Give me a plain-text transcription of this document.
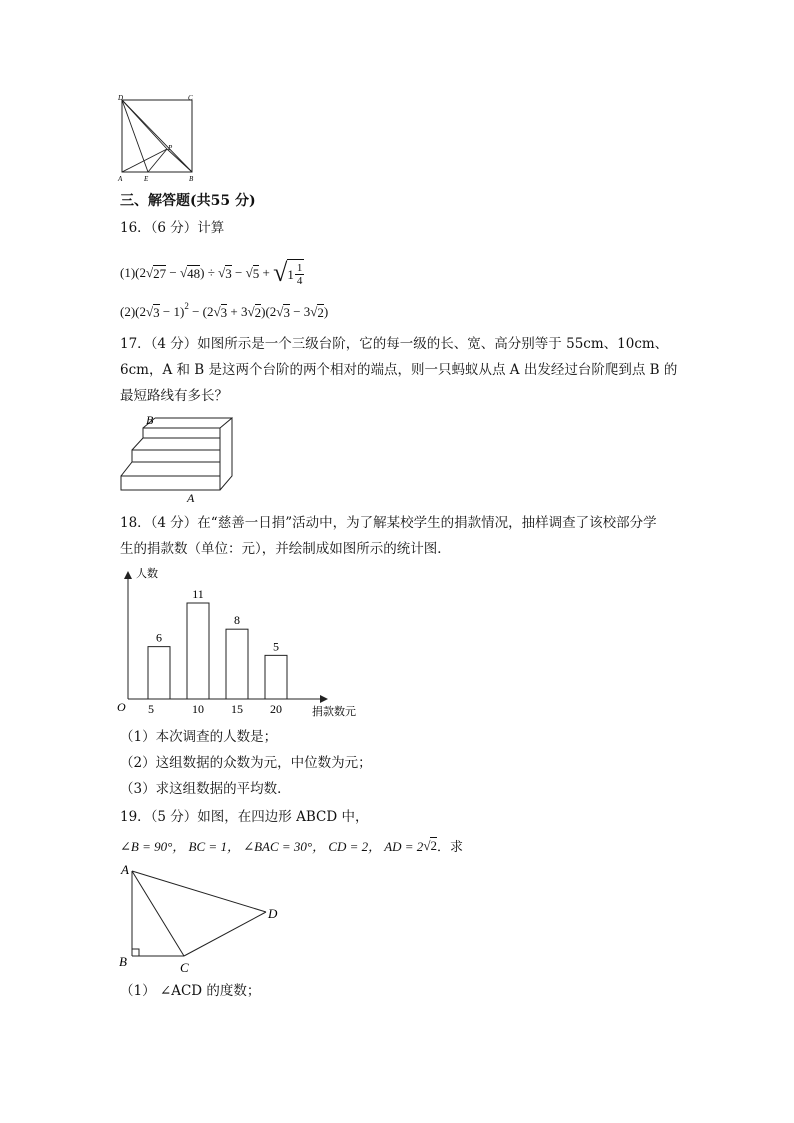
D	C
P
A	E	B
三、解答题(共55 分)
16．（6 分）计算
(1)(2 √ 27 − √ 48 ) ÷ √ 3 − √ 5 + √ $1 \frac{1}{4}$
(2) (2 √ 3 − 1)$^2$ − (2 √ 3 + 3 √ 2 )(2 √ 3 − 3 √ 2 )
17．（4 分）如图所示是一个三级台阶，它的每一级的长、宽、高分别等于 55cm、10cm、
6cm，A 和 B 是这两个台阶的两个相对的端点，则一只蚂蚁从点 A 出发经过台阶爬到点 B 的
最短路线有多长？
B
A
18．（4 分）在“慈善一日捐”活动中，为了解某校学生的捐款情况，抽样调查了该校部分学
生的捐款数（单位：元），并绘制成如图所示的统计图．
人数
捐款数元
O
6
5
11
10
8
15
5
20
（1）本次调查的人数是；
（2）这组数据的众数为元，中位数为元；
（3）求这组数据的平均数．
19．（5 分）如图，在四边形 ABCD 中，
∠B = 90°， BC = 1， ∠BAC = 30°， CD = 2， AD = 2 √ 2 ．求
A
B	C
D
（1） ∠ACD 的度数；
